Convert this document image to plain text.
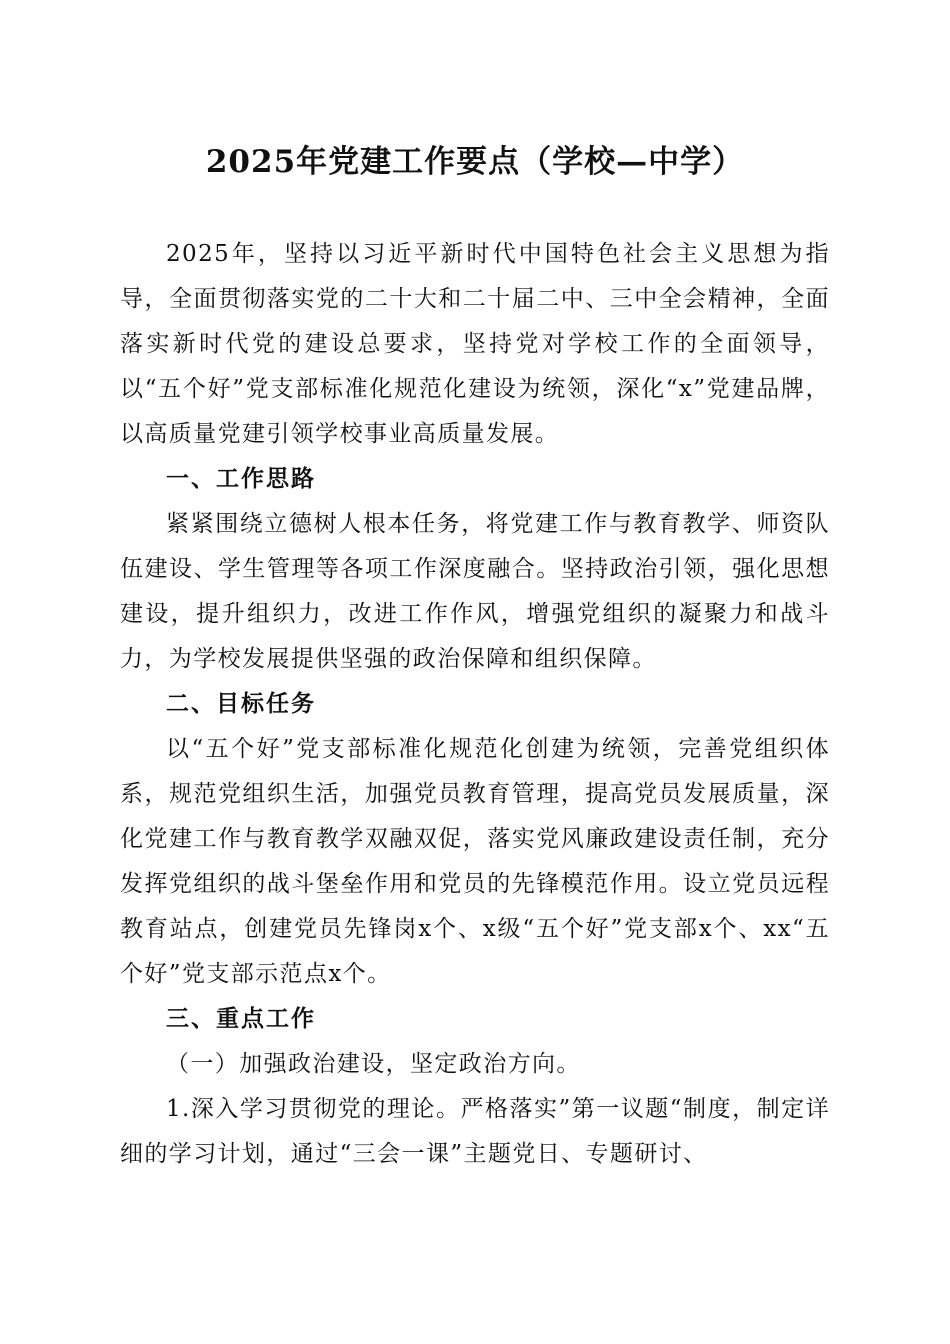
2025年党建工作要点（学校—中学）

2025年，坚持以习近平新时代中国特色社会主义思想为指导，全面贯彻落实党的二十大和二十届二中、三中全会精神，全面落实新时代党的建设总要求，坚持党对学校工作的全面领导，以“五个好”党支部标准化规范化建设为统领，深化“x”党建品牌，以高质量党建引领学校事业高质量发展。

一、工作思路

紧紧围绕立德树人根本任务，将党建工作与教育教学、师资队伍建设、学生管理等各项工作深度融合。坚持政治引领，强化思想建设，提升组织力，改进工作作风，增强党组织的凝聚力和战斗力，为学校发展提供坚强的政治保障和组织保障。

二、目标任务

以“五个好”党支部标准化规范化创建为统领，完善党组织体系，规范党组织生活，加强党员教育管理，提高党员发展质量，深化党建工作与教育教学双融双促，落实党风廉政建设责任制，充分发挥党组织的战斗堡垒作用和党员的先锋模范作用。设立党员远程教育站点，创建党员先锋岗x个、x级“五个好”党支部x个、xx“五个好”党支部示范点x个。

三、重点工作

（一）加强政治建设，坚定政治方向。

1.深入学习贯彻党的理论。严格落实”第一议题“制度，制定详细的学习计划，通过“三会一课”主题党日、专题研讨、
